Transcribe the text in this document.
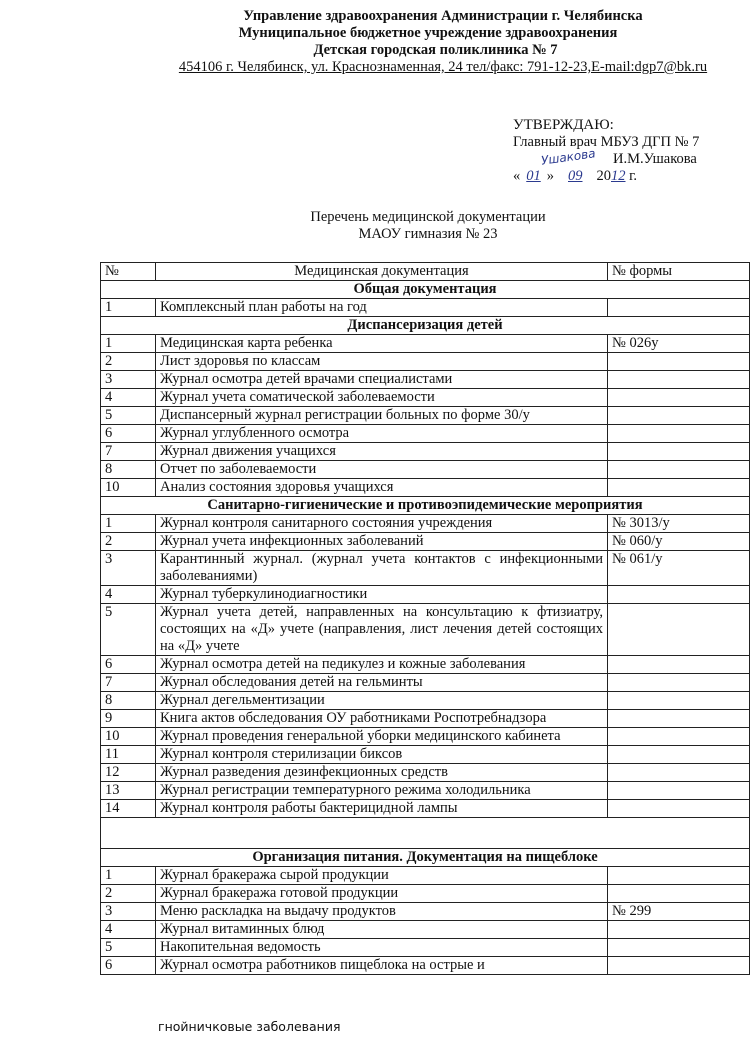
Управление здравоохранения Администрации г. Челябинска
Муниципальное бюджетное учреждение здравоохранения
Детская городская поликлиника № 7
454106 г. Челябинск, ул. Краснознаменная, 24 тел/факс: 791-12-23,E-mail:dgp7@bk.ru
УТВЕРЖДАЮ:
Главный врач МБУЗ ДГП № 7
Ушакова И.М.Ушакова
« 01 » 09 2012 г.
Перечень медицинской документации
МАОУ гимназия № 23
№	Медицинская документация	№ формы
Общая документация		
1	Комплексный план работы на год	
Диспансеризация детей		
1	Медицинская карта ребенка	№ 026у
2	Лист здоровья по классам	
3	Журнал осмотра детей врачами специалистами	
4	Журнал учета соматической заболеваемости	
5	Диспансерный журнал регистрации больных по форме 30/у	
6	Журнал углубленного осмотра	
7	Журнал движения учащихся	
8	Отчет по заболеваемости	
10	Анализ состояния здоровья учащихся	
Санитарно-гигиенические и противоэпидемические мероприятия		
1	Журнал контроля санитарного состояния учреждения	№ 3013/у
2	Журнал учета инфекционных заболеваний	№ 060/у
3	Карантинный журнал. (журнал учета контактов с инфекционными заболеваниями)	№ 061/у
4	Журнал туберкулинодиагностики	
5	Журнал учета детей, направленных на консультацию к фтизиатру, состоящих на «Д» учете (направления, лист лечения детей состоящих на «Д» учете	
6	Журнал осмотра детей на педикулез и кожные заболевания	
7	Журнал обследования детей на гельминты	
8	Журнал дегельментизации	
9	Книга актов обследования ОУ работниками Роспотребнадзора	
10	Журнал проведения генеральной уборки медицинского кабинета	
11	Журнал контроля стерилизации биксов	
12	Журнал разведения дезинфекционных средств	
13	Журнал регистрации температурного режима холодильника	
14	Журнал контроля работы бактерицидной лампы	

Организация питания. Документация на пищеблоке		
1	Журнал бракеража сырой продукции	
2	Журнал бракеража готовой продукции	
3	Меню раскладка на выдачу продуктов	№ 299
4	Журнал витаминных блюд	
5	Накопительная ведомость	
6	Журнал осмотра работников пищеблока на острые и	
гнойничковые заболевания
